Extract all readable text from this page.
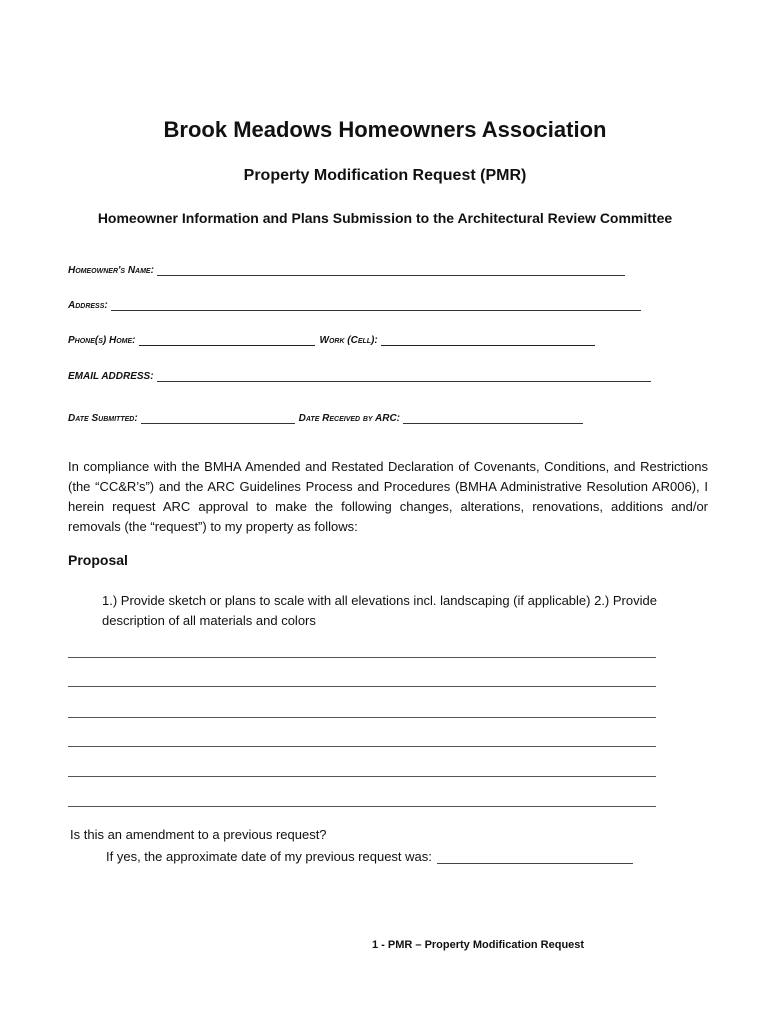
Brook Meadows Homeowners Association
Property Modification Request (PMR)
Homeowner Information and Plans Submission to the Architectural Review Committee
Homeowner's Name:
Address:
Phone(s) Home:	Work (Cell):
EMAIL ADDRESS:
Date Submitted:	Date Received by ARC:
In compliance with the BMHA Amended and Restated Declaration of Covenants, Conditions, and Restrictions (the “CC&R’s”) and the ARC Guidelines Process and Procedures (BMHA Administrative Resolution AR006), I herein request ARC approval to make the following changes, alterations, renovations, additions and/or removals (the “request”) to my property as follows:
Proposal
1.) Provide sketch or plans to scale with all elevations incl. landscaping (if applicable) 2.) Provide description of all materials and colors
Is this an amendment to a previous request?
If yes, the approximate date of my previous request was:
1 - PMR – Property Modification Request
